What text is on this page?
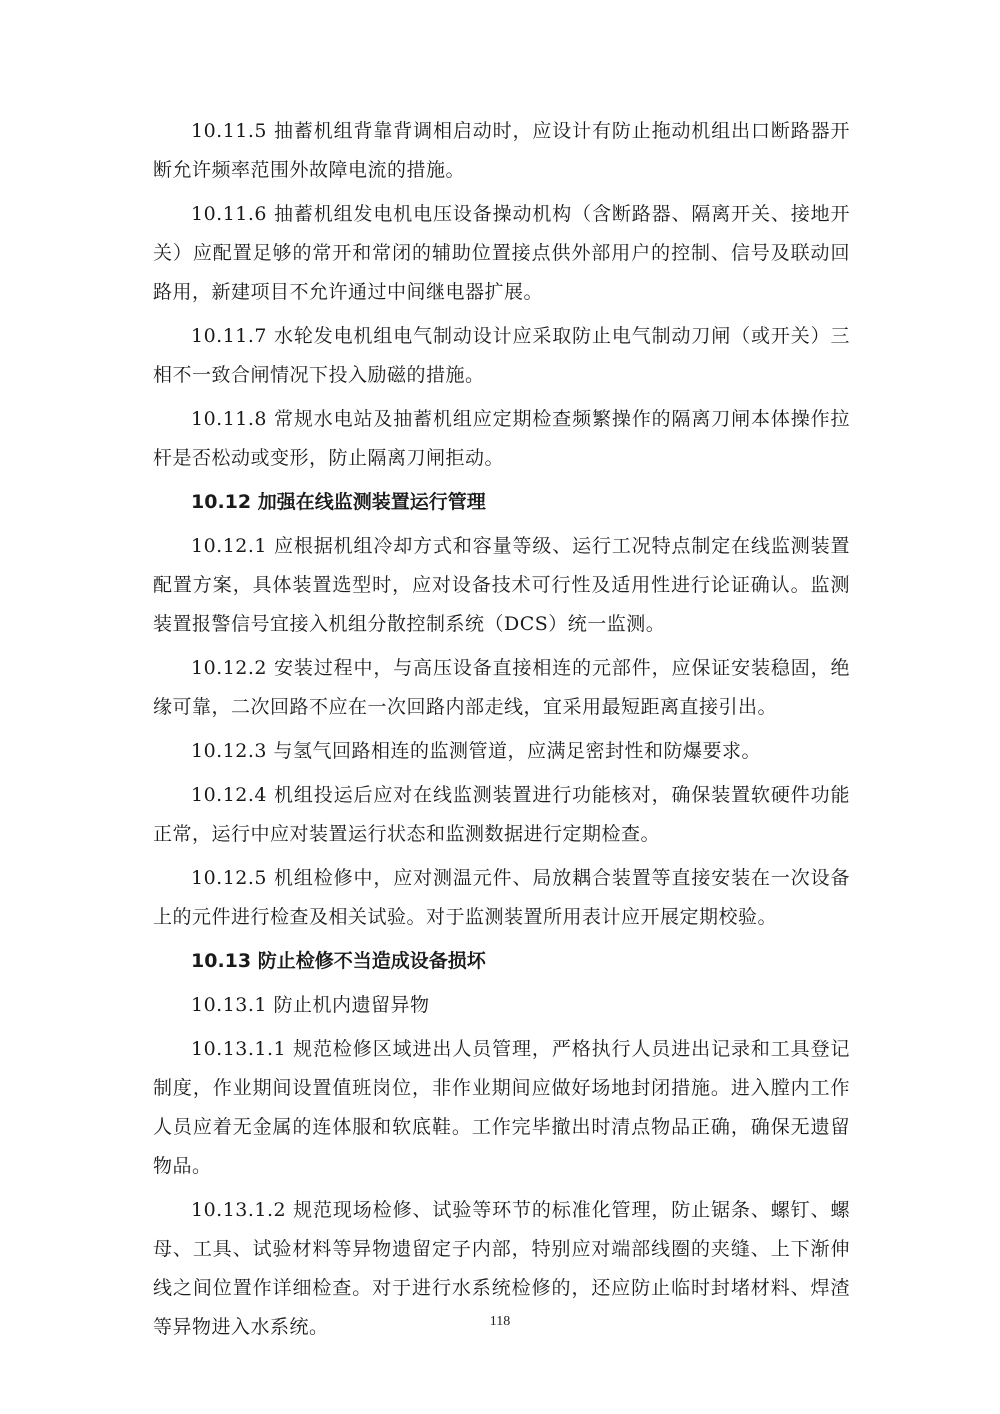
10.11.5 抽蓄机组背靠背调相启动时，应设计有防止拖动机组出口断路器开断允许频率范围外故障电流的措施。

10.11.6 抽蓄机组发电机电压设备操动机构（含断路器、隔离开关、接地开关）应配置足够的常开和常闭的辅助位置接点供外部用户的控制、信号及联动回路用，新建项目不允许通过中间继电器扩展。

10.11.7 水轮发电机组电气制动设计应采取防止电气制动刀闸（或开关）三相不一致合闸情况下投入励磁的措施。

10.11.8 常规水电站及抽蓄机组应定期检查频繁操作的隔离刀闸本体操作拉杆是否松动或变形，防止隔离刀闸拒动。

10.12 加强在线监测装置运行管理

10.12.1 应根据机组冷却方式和容量等级、运行工况特点制定在线监测装置配置方案，具体装置选型时，应对设备技术可行性及适用性进行论证确认。监测装置报警信号宜接入机组分散控制系统（DCS）统一监测。

10.12.2 安装过程中，与高压设备直接相连的元部件，应保证安装稳固，绝缘可靠，二次回路不应在一次回路内部走线，宜采用最短距离直接引出。

10.12.3 与氢气回路相连的监测管道，应满足密封性和防爆要求。

10.12.4 机组投运后应对在线监测装置进行功能核对，确保装置软硬件功能正常，运行中应对装置运行状态和监测数据进行定期检查。

10.12.5 机组检修中，应对测温元件、局放耦合装置等直接安装在一次设备上的元件进行检查及相关试验。对于监测装置所用表计应开展定期校验。

10.13 防止检修不当造成设备损坏

10.13.1 防止机内遗留异物

10.13.1.1 规范检修区域进出人员管理，严格执行人员进出记录和工具登记制度，作业期间设置值班岗位，非作业期间应做好场地封闭措施。进入膛内工作人员应着无金属的连体服和软底鞋。工作完毕撤出时清点物品正确，确保无遗留物品。

10.13.1.2 规范现场检修、试验等环节的标准化管理，防止锯条、螺钉、螺母、工具、试验材料等异物遗留定子内部，特别应对端部线圈的夹缝、上下渐伸线之间位置作详细检查。对于进行水系统检修的，还应防止临时封堵材料、焊渣等异物进入水系统。	118
